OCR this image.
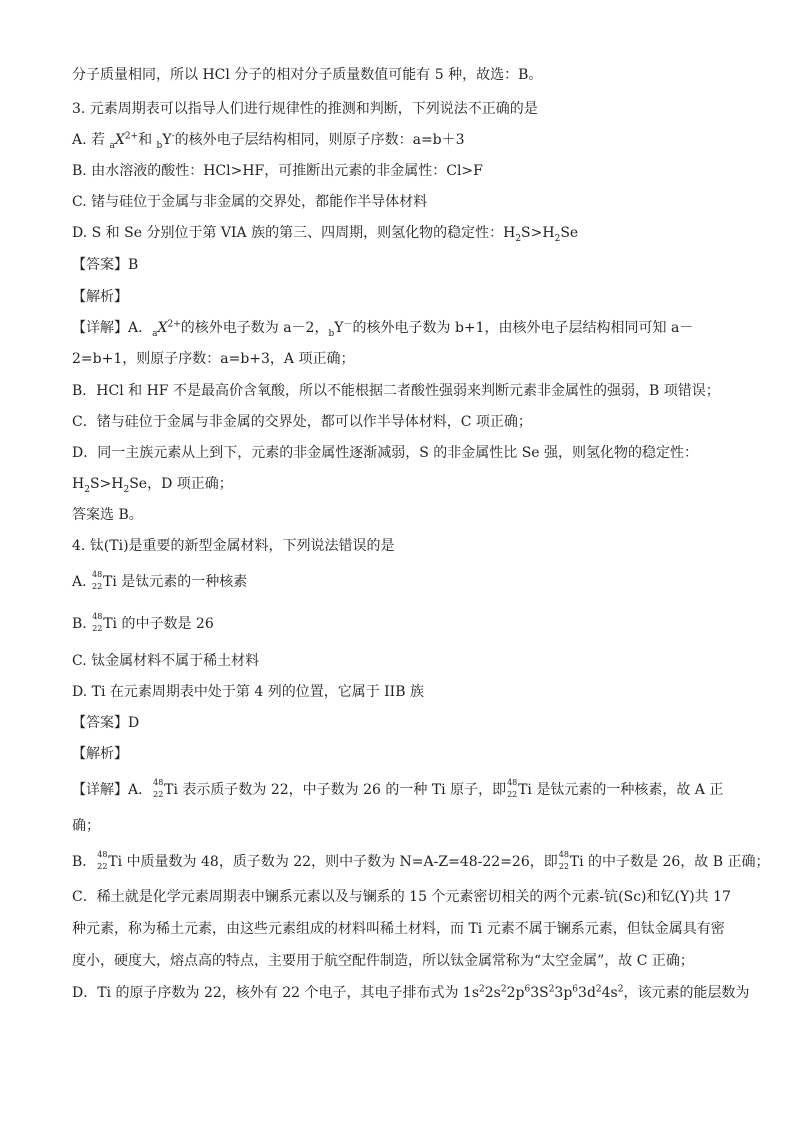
分子质量相同，所以 HCl 分子的相对分子质量数值可能有 5 种，故选：B。
3. 元素周期表可以指导人们进行规律性的推测和判断，下列说法不正确的是
A. 若 $_aX^{2+}$和 $_b$Y-的核外电子层结构相同，则原子序数：a=b＋3
B. 由水溶液的酸性：HCl>HF，可推断出元素的非金属性：Cl>F
C. 锗与硅位于金属与非金属的交界处，都能作半导体材料
D. S 和 Se 分别位于第 VIA 族的第三、四周期，则氢化物的稳定性：$H_2S>H_2Se$
【答案】B
【解析】
【详解】A．$_aX^{2+}$的核外电子数为 a－2，$_b$Y－的核外电子数为 b+1，由核外电子层结构相同可知 a－
2=b+1，则原子序数：a=b+3，A 项正确；
B．HCl 和 HF 不是最高价含氧酸，所以不能根据二者酸性强弱来判断元素非金属性的强弱，B 项错误；
C．锗与硅位于金属与非金属的交界处，都可以作半导体材料，C 项正确；
D．同一主族元素从上到下，元素的非金属性逐渐减弱，S 的非金属性比 Se 强，则氢化物的稳定性：
$H_2S>H_2Se$，D 项正确；
答案选 B。
4. 钛(Ti)是重要的新型金属材料，下列说法错误的是
A. 48
22 Ti 是钛元素的一种核素
B. 48
22 Ti 的中子数是 26
C. 钛金属材料不属于稀土材料
D. Ti 在元素周期表中处于第 4 列的位置，它属于 IIB 族
【答案】D
【解析】
【详解】A． 48
22 Ti 表示质子数为 22，中子数为 26 的一种 Ti 原子，即 48
22 Ti 是钛元素的一种核素，故 A 正
确；
B． 48
22 Ti 中质量数为 48，质子数为 22，则中子数为 N=A-Z=48-22=26，即 48
22 Ti 的中子数是 26，故 B 正确；
C．稀土就是化学元素周期表中镧系元素以及与镧系的 15 个元素密切相关的两个元素-钪(Sc)和钇(Y)共 17
种元素，称为稀土元素，由这些元素组成的材料叫稀土材料，而 Ti 元素不属于镧系元素，但钛金属具有密
度小，硬度大，熔点高的特点，主要用于航空配件制造，所以钛金属常称为“太空金属”，故 C 正确；
D．Ti 的原子序数为 22，核外有 22 个电子，其电子排布式为 $1s^22s^22p^63S^23p^63d^24s^2$，该元素的能层数为
